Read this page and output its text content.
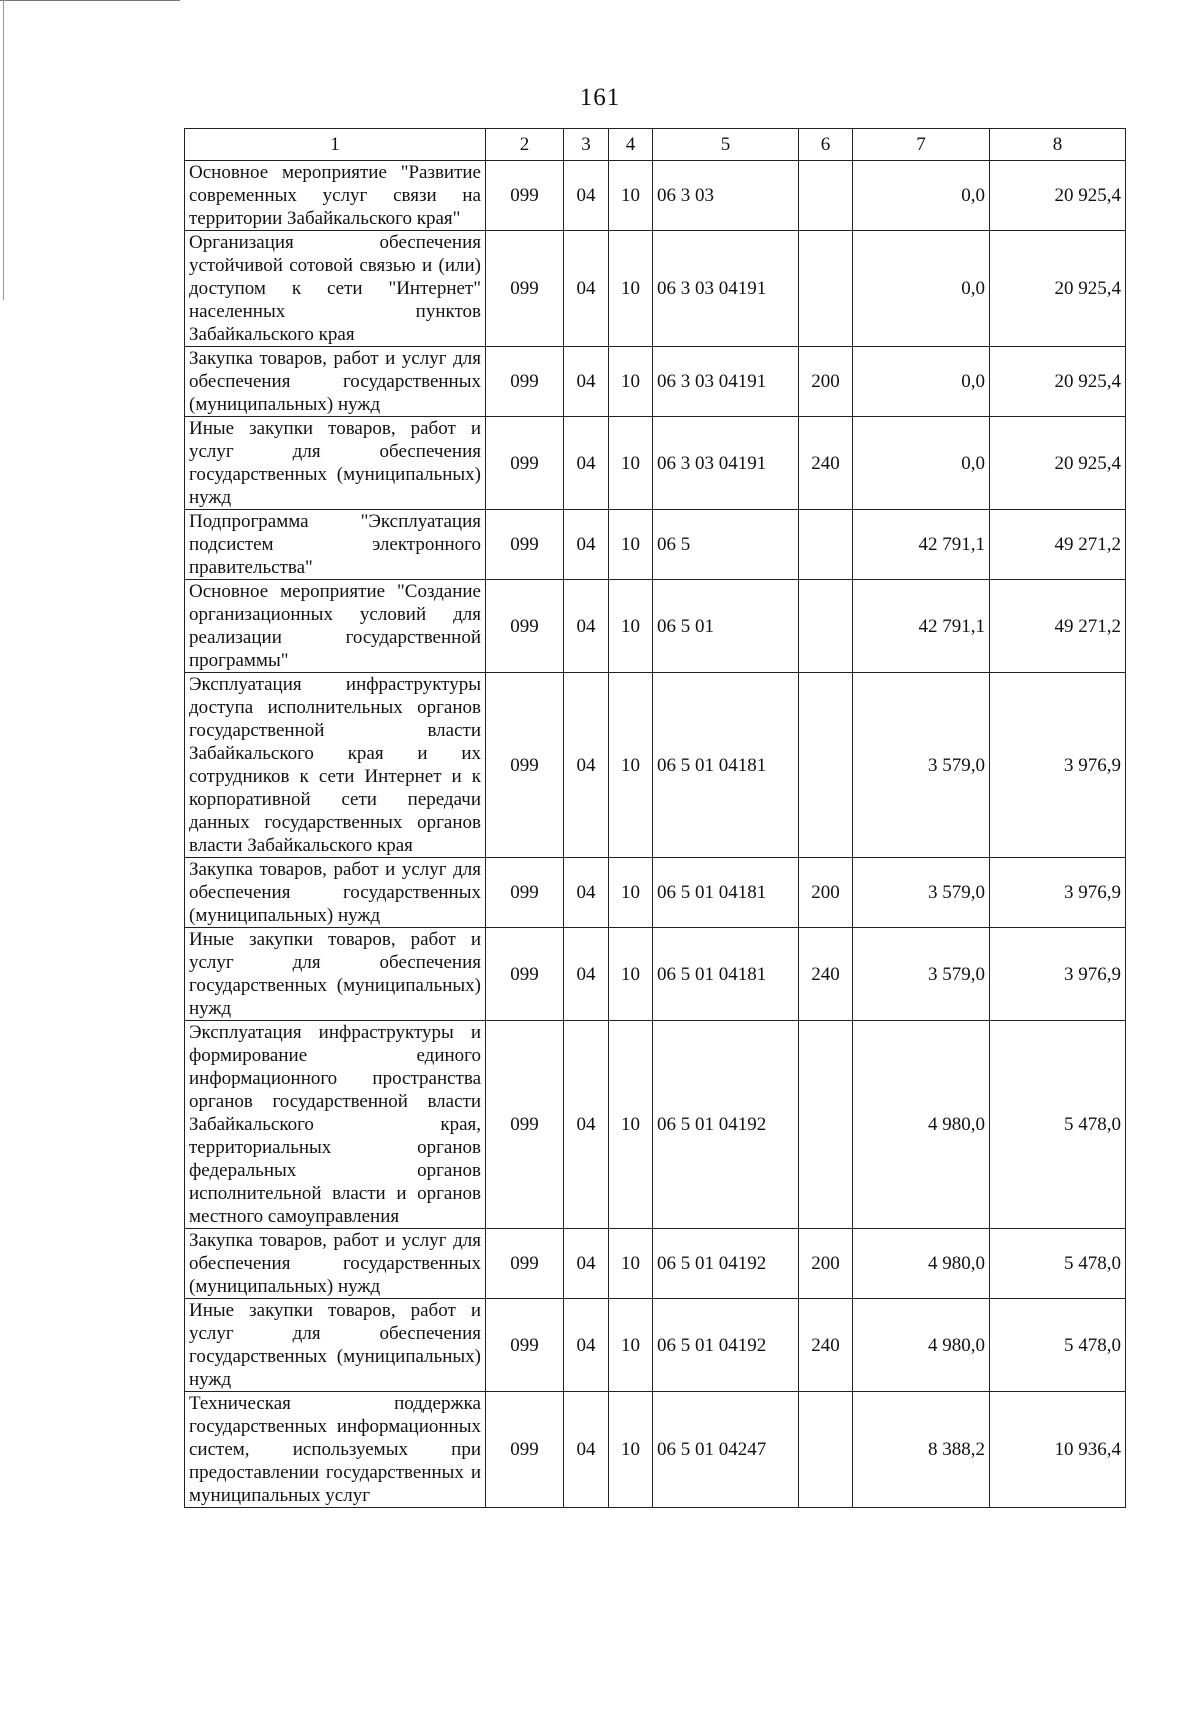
161
1	2	3	4	5	6	7	8
Основное мероприятие "Развитие современных услуг связи на территории Забайкальского края"	099	04	10	06 3 03		0,0	20 925,4
Организация обеспечения устойчивой сотовой связью и (или) доступом к сети "Интернет" населенных пунктов Забайкальского края	099	04	10	06 3 03 04191		0,0	20 925,4
Закупка товаров, работ и услуг для обеспечения государственных (муниципальных) нужд	099	04	10	06 3 03 04191	200	0,0	20 925,4
Иные закупки товаров, работ и услуг для обеспечения государственных (муниципальных) нужд	099	04	10	06 3 03 04191	240	0,0	20 925,4
Подпрограмма "Эксплуатация подсистем электронного правительства"	099	04	10	06 5		42 791,1	49 271,2
Основное мероприятие "Создание организационных условий для реализации государственной программы"	099	04	10	06 5 01		42 791,1	49 271,2
Эксплуатация инфраструктуры доступа исполнительных органов государственной власти Забайкальского края и их сотрудников к сети Интернет и к корпоративной сети передачи данных государственных органов власти Забайкальского края	099	04	10	06 5 01 04181		3 579,0	3 976,9
Закупка товаров, работ и услуг для обеспечения государственных (муниципальных) нужд	099	04	10	06 5 01 04181	200	3 579,0	3 976,9
Иные закупки товаров, работ и услуг для обеспечения государственных (муниципальных) нужд	099	04	10	06 5 01 04181	240	3 579,0	3 976,9
Эксплуатация инфраструктуры и формирование единого информационного пространства органов государственной власти Забайкальского края, территориальных органов федеральных органов исполнительной власти и органов местного самоуправления	099	04	10	06 5 01 04192		4 980,0	5 478,0
Закупка товаров, работ и услуг для обеспечения государственных (муниципальных) нужд	099	04	10	06 5 01 04192	200	4 980,0	5 478,0
Иные закупки товаров, работ и услуг для обеспечения государственных (муниципальных) нужд	099	04	10	06 5 01 04192	240	4 980,0	5 478,0
Техническая поддержка государственных информационных систем, используемых при предоставлении государственных и муниципальных услуг	099	04	10	06 5 01 04247		8 388,2	10 936,4
